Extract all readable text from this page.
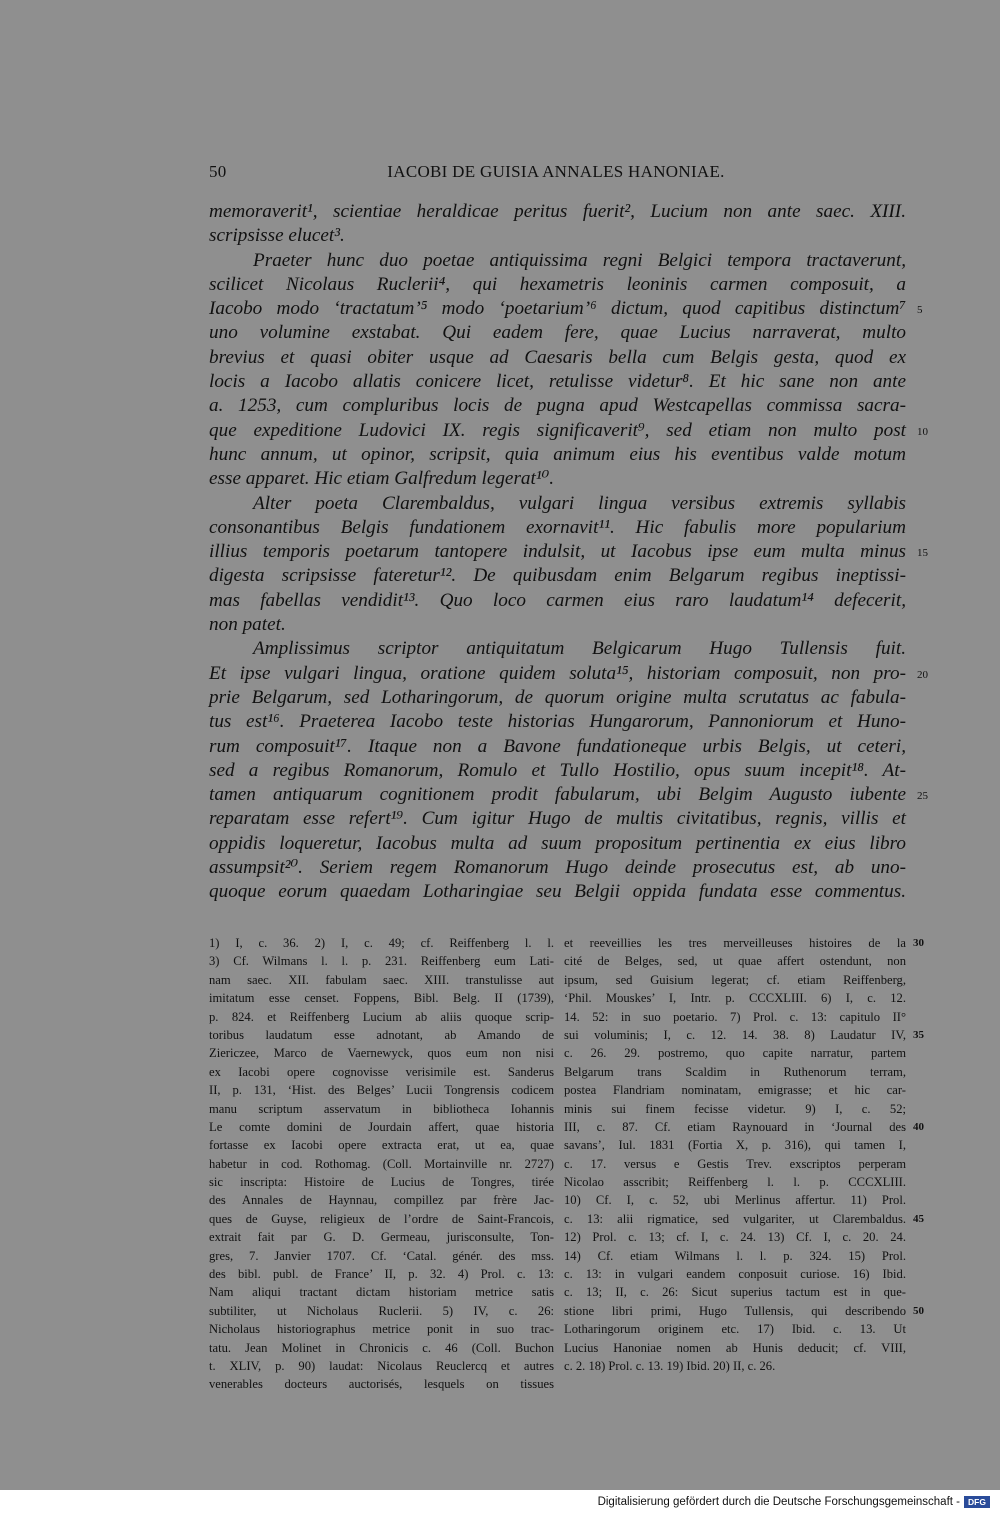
50	IACOBI DE GUISIA ANNALES HANONIAE.
memoraverit¹, scientiae heraldicae peritus fuerit², Lucium non ante saec. XIII.
scripsisse elucet³.
Praeter hunc duo poetae antiquissima regni Belgici tempora tractaverunt,
scilicet Nicolaus Ruclerii⁴, qui hexametris leoninis carmen composuit, a
Iacobo modo ‘tractatum’⁵ modo ‘poetarium’⁶ dictum, quod capitibus distinctum⁷ 5
uno volumine exstabat. Qui eadem fere, quae Lucius narraverat, multo
brevius et quasi obiter usque ad Caesaris bella cum Belgis gesta, quod ex
locis a Iacobo allatis conicere licet, retulisse videtur⁸. Et hic sane non ante
a. 1253, cum compluribus locis de pugna apud Westcapellas commissa sacra-
que expeditione Ludovici IX. regis significaverit⁹, sed etiam non multo post 10
hunc annum, ut opinor, scripsit, quia animum eius his eventibus valde motum
esse apparet. Hic etiam Galfredum legerat¹⁰.
Alter poeta Clarembaldus, vulgari lingua versibus extremis syllabis
consonantibus Belgis fundationem exornavit¹¹. Hic fabulis more popularium
illius temporis poetarum tantopere indulsit, ut Iacobus ipse eum multa minus 15
digesta scripsisse fateretur¹². De quibusdam enim Belgarum regibus ineptissi-
mas fabellas vendidit¹³. Quo loco carmen eius raro laudatum¹⁴ defecerit,
non patet.
Amplissimus scriptor antiquitatum Belgicarum Hugo Tullensis fuit.
Et ipse vulgari lingua, oratione quidem soluta¹⁵, historiam composuit, non pro- 20
prie Belgarum, sed Lotharingorum, de quorum origine multa scrutatus ac fabula-
tus est¹⁶. Praeterea Iacobo teste historias Hungarorum, Pannoniorum et Huno-
rum composuit¹⁷. Itaque non a Bavone fundationeque urbis Belgis, ut ceteri,
sed a regibus Romanorum, Romulo et Tullo Hostilio, opus suum incepit¹⁸. At-
tamen antiquarum cognitionem prodit fabularum, ubi Belgim Augusto iubente 25
reparatam esse refert¹⁹. Cum igitur Hugo de multis civitatibus, regnis, villis et
oppidis loqueretur, Iacobus multa ad suum propositum pertinentia ex eius libro
assumpsit²⁰. Seriem regem Romanorum Hugo deinde prosecutus est, ab uno-
quoque eorum quaedam Lotharingiae seu Belgii oppida fundata esse commentus.
1) I, c. 36. 2) I, c. 49; cf. Reiffenberg l. l.
3) Cf. Wilmans l. l. p. 231. Reiffenberg eum Lati-
nam saec. XII. fabulam saec. XIII. transtulisse aut
imitatum esse censet. Foppens, Bibl. Belg. II (1739),
p. 824. et Reiffenberg Lucium ab aliis quoque scrip-
toribus laudatum esse adnotant, ab Amando de
Ziericzee, Marco de Vaernewyck, quos eum non nisi
ex Iacobi opere cognovisse verisimile est. Sanderus
II, p. 131, ‘Hist. des Belges’ Lucii Tongrensis codicem
manu scriptum asservatum in bibliotheca Iohannis
Le comte domini de Jourdain affert, quae historia
fortasse ex Iacobi opere extracta erat, ut ea, quae
habetur in cod. Rothomag. (Coll. Mortainville nr. 2727)
sic inscripta: Histoire de Lucius de Tongres, tirée
des Annales de Haynnau, compillez par frère Jac-
ques de Guyse, religieux de l’ordre de Saint-Francois,
extrait fait par G. D. Germeau, jurisconsulte, Ton-
gres, 7. Janvier 1707. Cf. ‘Catal. génér. des mss.
des bibl. publ. de France’ II, p. 32. 4) Prol. c. 13:
Nam aliqui tractant dictam historiam metrice satis
subtiliter, ut Nicholaus Ruclerii. 5) IV, c. 26:
Nicholaus historiographus metrice ponit in suo trac-
tatu. Jean Molinet in Chronicis c. 46 (Coll. Buchon
t. XLIV, p. 90) laudat: Nicolaus Reuclercq et autres
venerables docteurs auctorisés, lesquels on tissues
et reeveillies les tres merveilleuses histoires de la 30
cité de Belges, sed, ut quae affert ostendunt, non
ipsum, sed Guisium legerat; cf. etiam Reiffenberg,
‘Phil. Mouskes’ I, Intr. p. CCCXLIII. 6) I, c. 12.
14. 52: in suo poetario. 7) Prol. c. 13: capitulo II°
sui voluminis; I, c. 12. 14. 38. 8) Laudatur IV, 35
c. 26. 29. postremo, quo capite narratur, partem
Belgarum trans Scaldim in Ruthenorum terram,
postea Flandriam nominatam, emigrasse; et hic car-
minis sui finem fecisse videtur. 9) I, c. 52;
III, c. 87. Cf. etiam Raynouard in ‘Journal des 40
savans’, Iul. 1831 (Fortia X, p. 316), qui tamen I,
c. 17. versus e Gestis Trev. exscriptos perperam
Nicolao asscribit; Reiffenberg l. l. p. CCCXLIII.
10) Cf. I, c. 52, ubi Merlinus affertur. 11) Prol.
c. 13: alii rigmatice, sed vulgariter, ut Clarembaldus. 45
12) Prol. c. 13; cf. I, c. 24. 13) Cf. I, c. 20. 24.
14) Cf. etiam Wilmans l. l. p. 324. 15) Prol.
c. 13: in vulgari eandem conposuit curiose. 16) Ibid.
c. 13; II, c. 26: Sicut superius tactum est in que-
stione libri primi, Hugo Tullensis, qui describendo 50
Lotharingorum originem etc. 17) Ibid. c. 13. Ut
Lucius Hanoniae nomen ab Hunis deducit; cf. VIII,
c. 2. 18) Prol. c. 13. 19) Ibid. 20) II, c. 26.
Digitalisierung gefördert durch die Deutsche Forschungsgemeinschaft - DFG
